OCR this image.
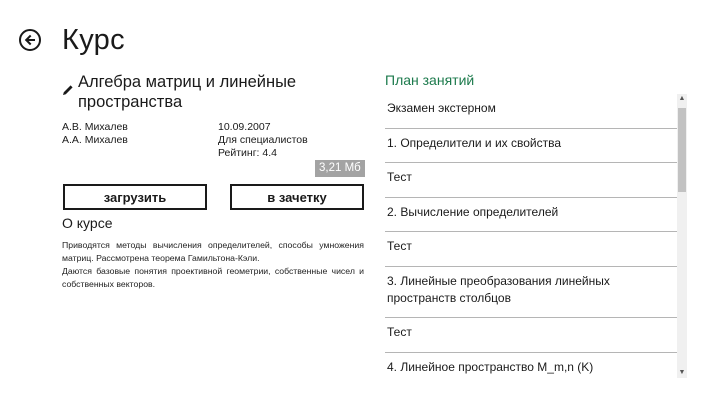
Курс
Алгебра матриц и линейные пространства
А.В. Михалев
А.А. Михалев
10.09.2007
Для специалистов
Рейтинг: 4.4
3,21 Мб
загрузить	в зачетку
О курсе

Приводятся методы вычисления определителей, способы умножения матриц. Рассмотрена теорема Гамильтона-Кэли.

Даются базовые понятия проективной геометрии, собственные чисел и собственных векторов.

План занятий
Экзамен экстерном
1. Определители и их свойства
Тест
2. Вычисление определителей
Тест
3. Линейные преобразования линейных пространств столбцов
Тест
4. Линейное пространство M_m,n (K)
▲
▼
